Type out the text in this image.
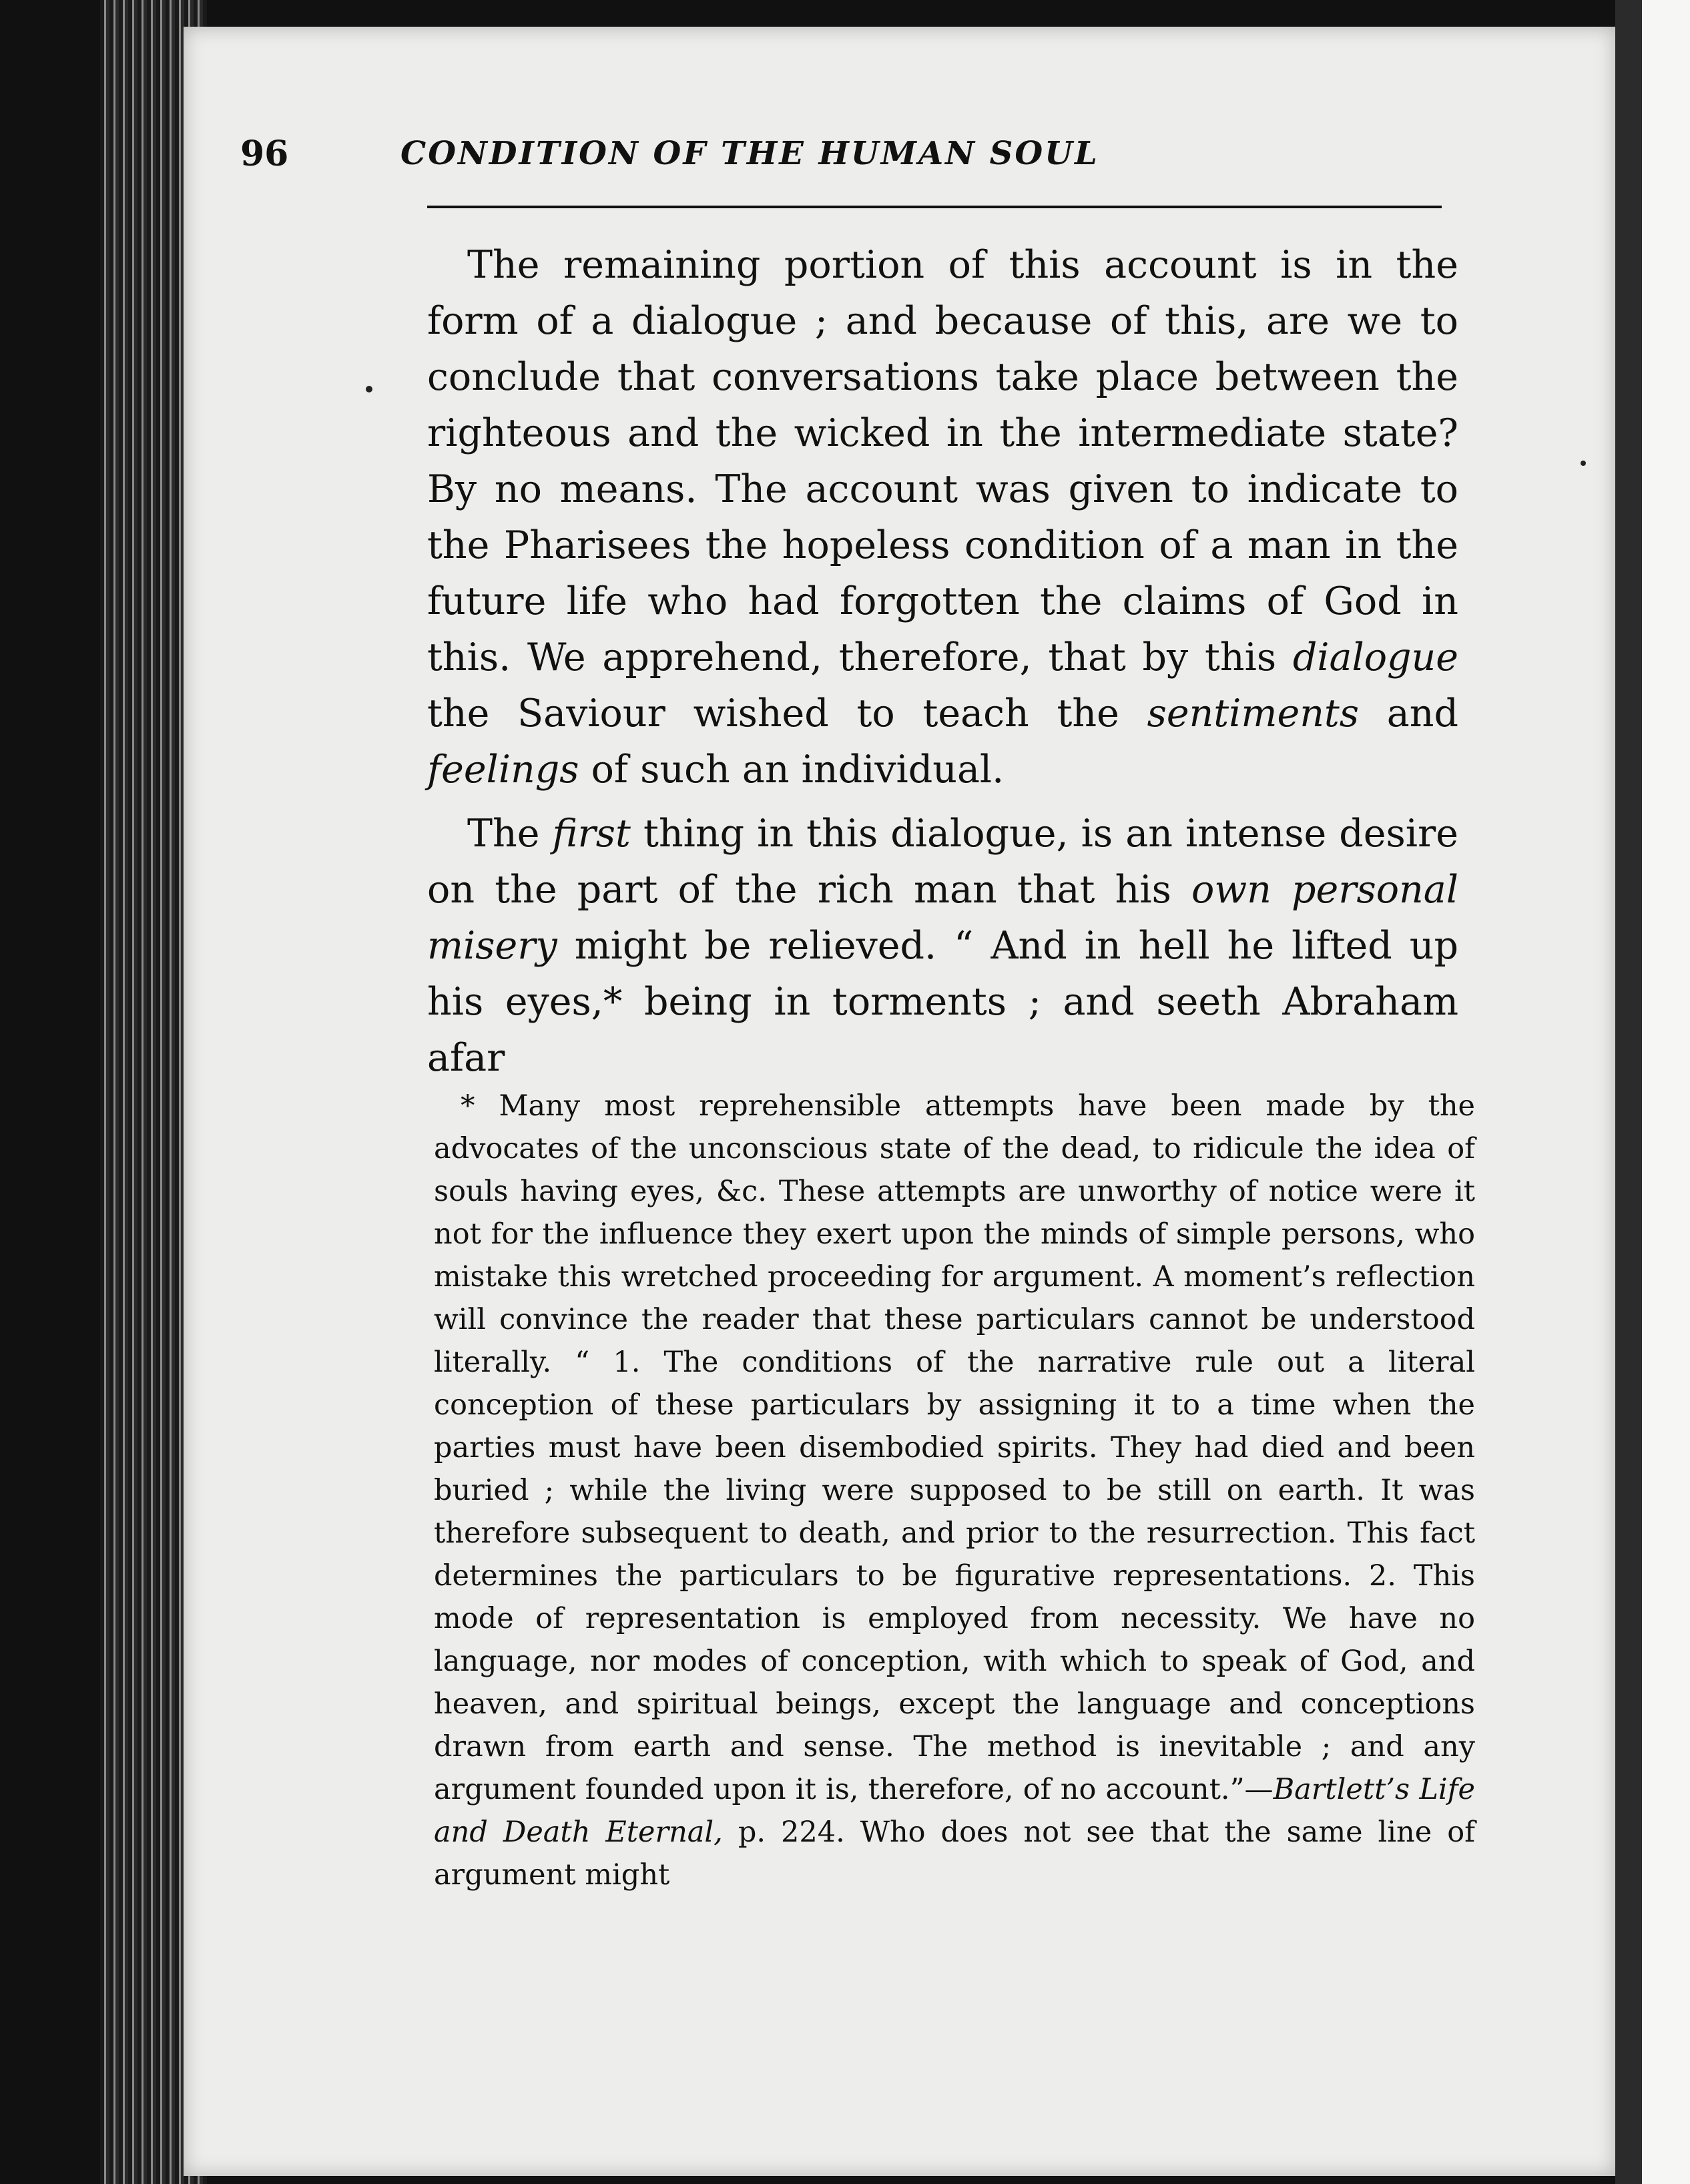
96	CONDITION OF THE HUMAN SOUL

The remaining portion of this account is in the form of a dialogue ; and because of this, are we to conclude that conversations take place between the righteous and the wicked in the intermediate state? By no means. The account was given to indicate to the Pharisees the hopeless condition of a man in the future life who had forgotten the claims of God in this. We apprehend, therefore, that by this dialogue the Saviour wished to teach the sentiments and feelings of such an individual.

The first thing in this dialogue, is an intense desire on the part of the rich man that his own personal misery might be relieved. “ And in hell he lifted up his eyes,* being in torments ; and seeth Abraham afar

* Many most reprehensible attempts have been made by the advocates of the unconscious state of the dead, to ridicule the idea of souls having eyes, &c. These attempts are unworthy of notice were it not for the influence they exert upon the minds of simple persons, who mistake this wretched proceeding for argument. A moment’s reflection will convince the reader that these particulars cannot be understood literally. “ 1. The conditions of the narrative rule out a literal conception of these particulars by assigning it to a time when the parties must have been disembodied spirits. They had died and been buried ; while the living were supposed to be still on earth. It was therefore subsequent to death, and prior to the resurrection. This fact determines the particulars to be figurative representations. 2. This mode of representation is employed from necessity. We have no language, nor modes of conception, with which to speak of God, and heaven, and spiritual beings, except the language and conceptions drawn from earth and sense. The method is inevitable ; and any argument founded upon it is, therefore, of no account.”—Bartlett’s Life and Death Eternal, p. 224. Who does not see that the same line of argument might
